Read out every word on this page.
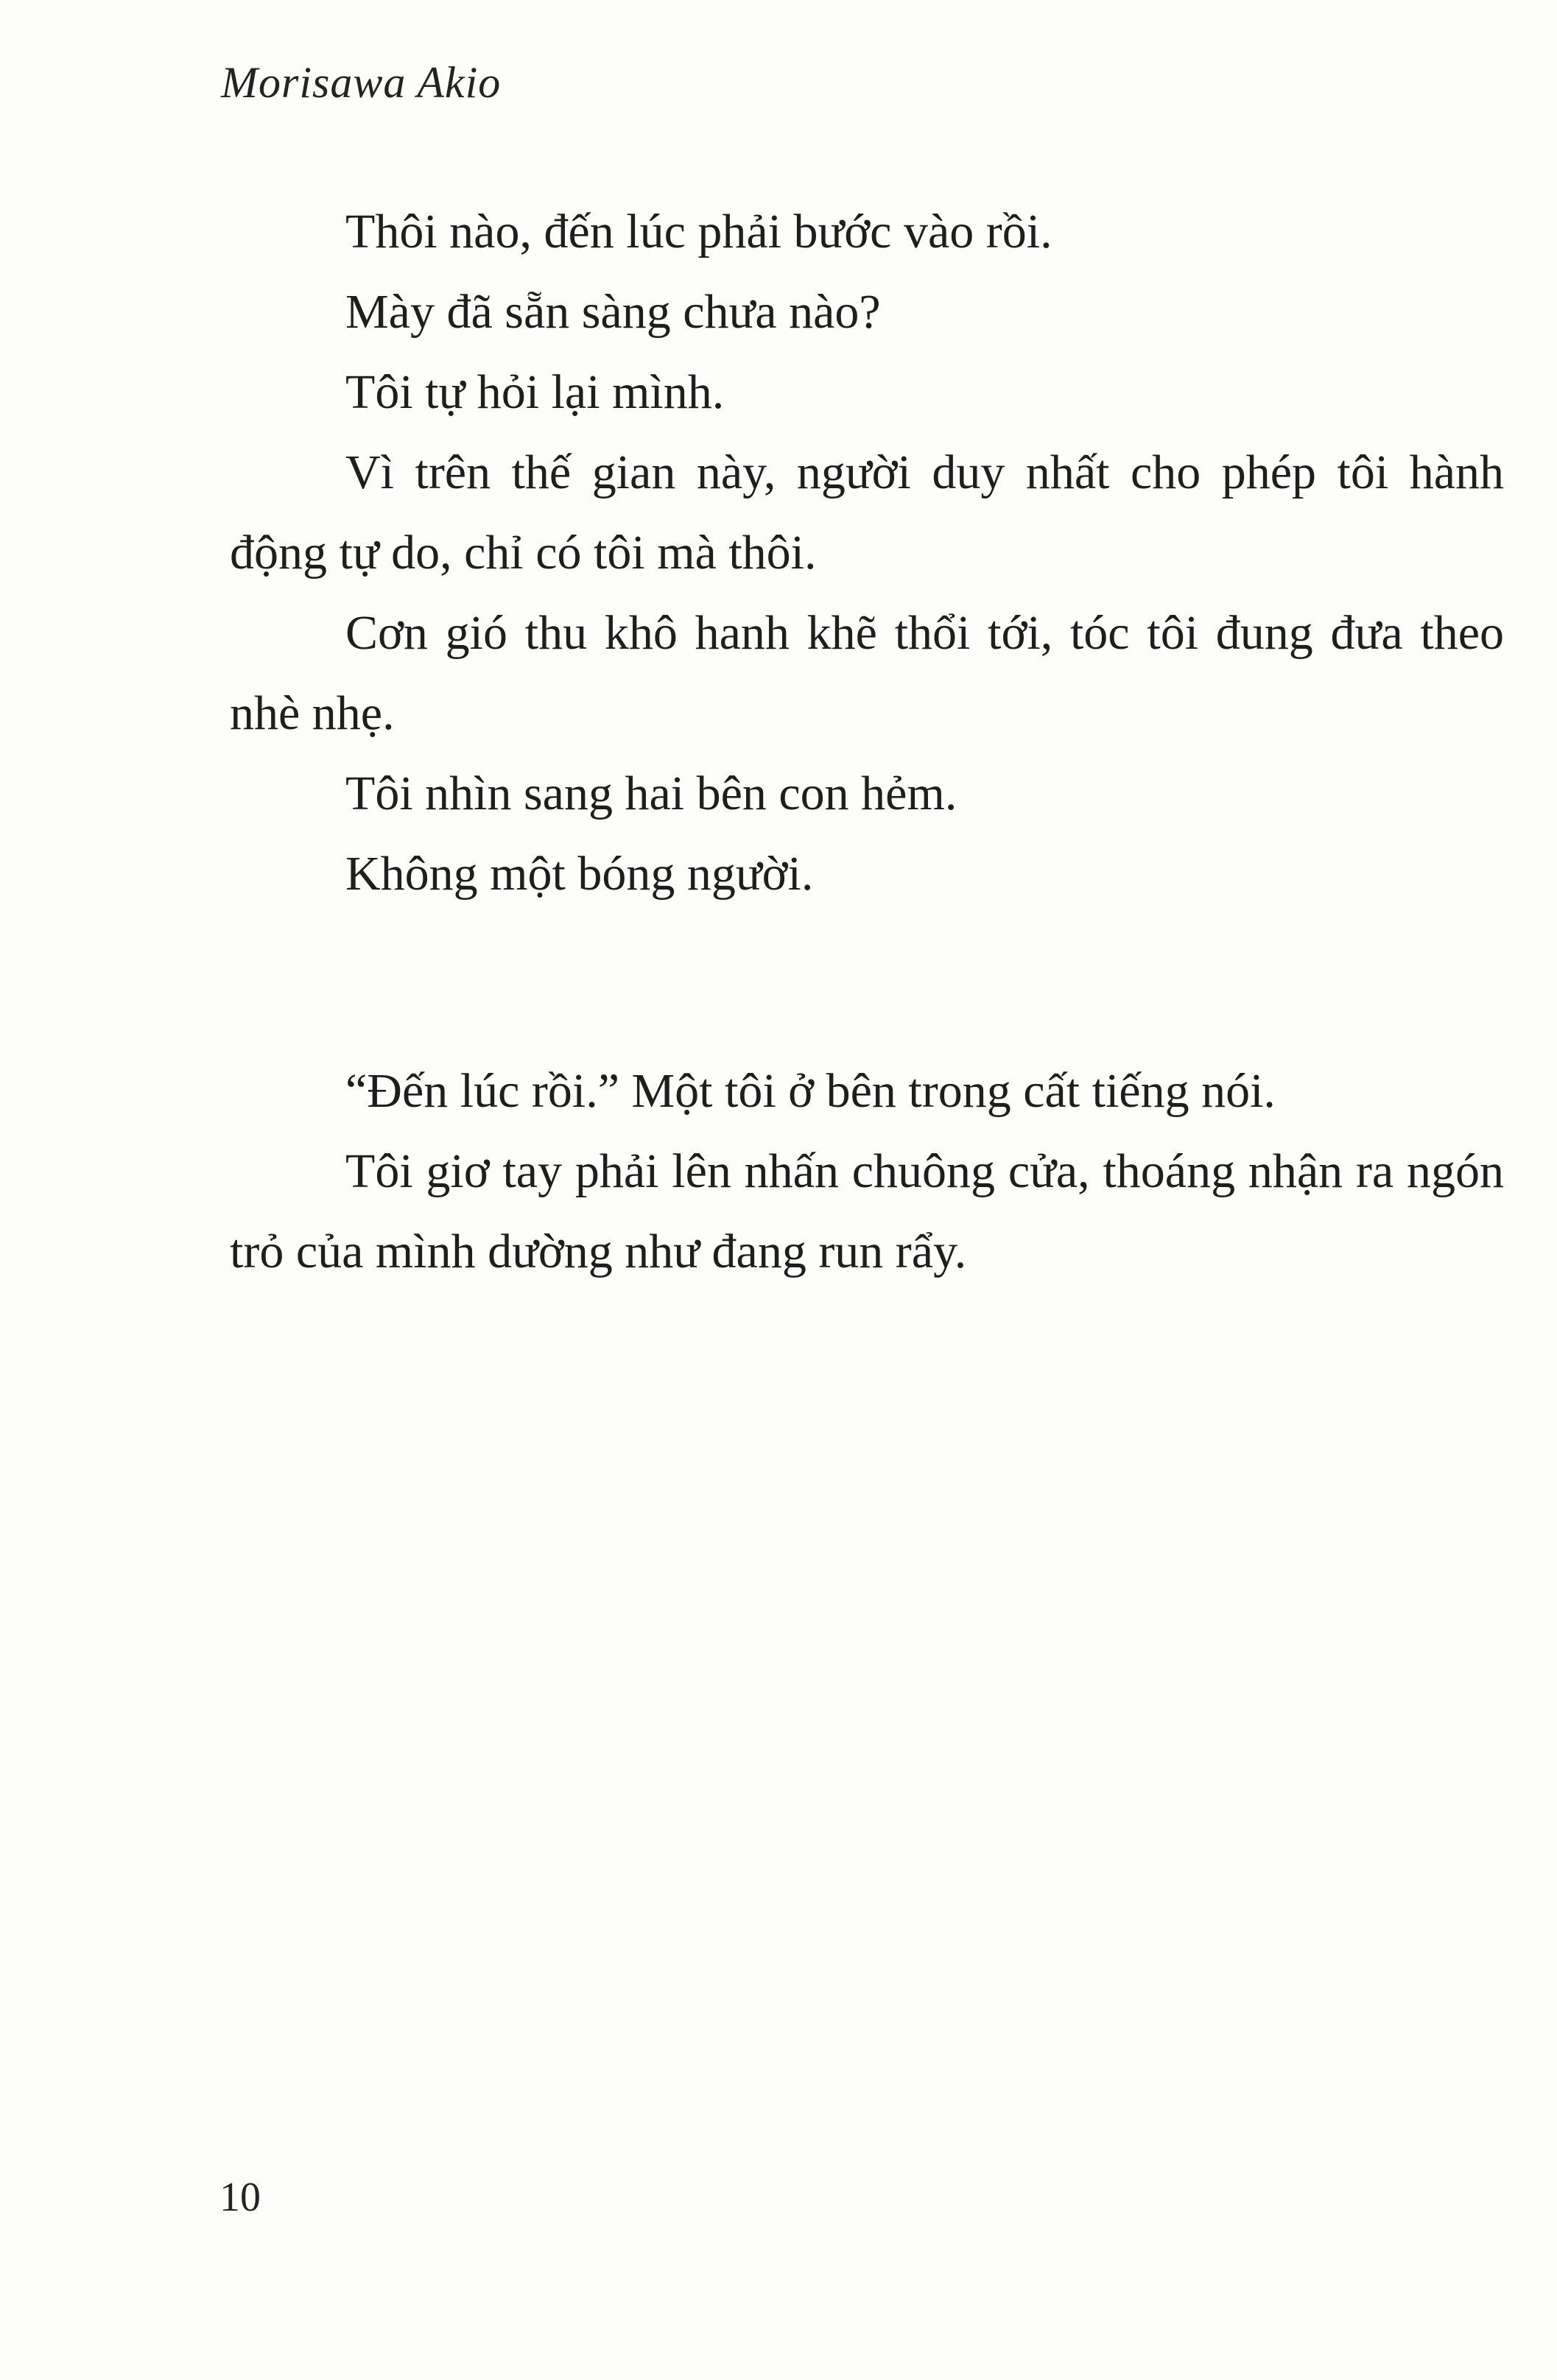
Morisawa Akio

Thôi nào, đến lúc phải bước vào rồi.

Mày đã sẵn sàng chưa nào?

Tôi tự hỏi lại mình.

Vì trên thế gian này, người duy nhất cho phép tôi hành động tự do, chỉ có tôi mà thôi.

Cơn gió thu khô hanh khẽ thổi tới, tóc tôi đung đưa theo nhè nhẹ.

Tôi nhìn sang hai bên con hẻm.

Không một bóng người.

“Đến lúc rồi.” Một tôi ở bên trong cất tiếng nói.

Tôi giơ tay phải lên nhấn chuông cửa, thoáng nhận ra ngón trỏ của mình dường như đang run rẩy.

10
